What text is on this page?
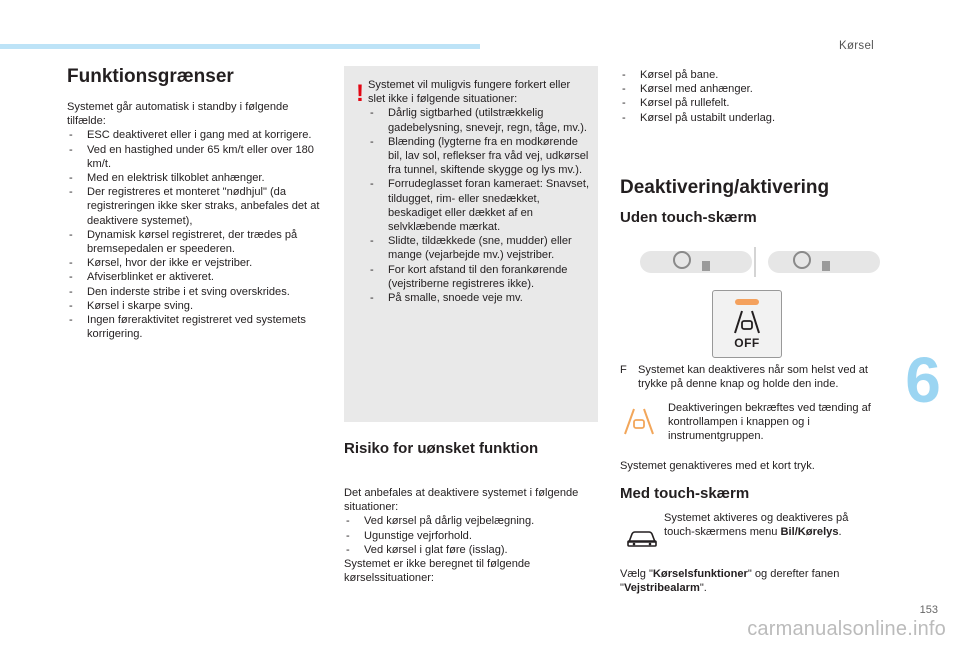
Kørsel
6
153
carmanualsonline.info
Funktionsgrænser
Systemet går automatisk i standby i følgende tilfælde:
- ESC deaktiveret eller i gang med at korrigere.
- Ved en hastighed under 65 km/t eller over 180 km/t.
- Med en elektrisk tilkoblet anhænger.
- Der registreres et monteret "nødhjul" (da registreringen ikke sker straks, anbefales det at deaktivere systemet),
- Dynamisk kørsel registreret, der trædes på bremsepedalen er speederen.
- Kørsel, hvor der ikke er vejstriber.
- Afviserblinket er aktiveret.
- Den inderste stribe i et sving overskrides.
- Kørsel i skarpe sving.
- Ingen føreraktivitet registreret ved systemets korrigering.
! Systemet vil muligvis fungere forkert eller slet ikke i følgende situationer:
- Dårlig sigtbarhed (utilstrækkelig gadebelysning, snevejr, regn, tåge, mv.).
- Blænding (lygterne fra en modkørende bil, lav sol, reflekser fra våd vej, udkørsel fra tunnel, skiftende skygge og lys mv.).
- Forrudeglasset foran kameraet: Snavset, tildugget, rim- eller snedækket, beskadiget eller dækket af en selvklæbende mærkat.
- Slidte, tildækkede (sne, mudder) eller mange (vejarbejde mv.) vejstriber.
- For kort afstand til den forankørende (vejstriberne registreres ikke).
- På smalle, snoede veje mv.
Risiko for uønsket funktion
Det anbefales at deaktivere systemet i følgende situationer:
- Ved kørsel på dårlig vejbelægning.
- Ugunstige vejrforhold.
- Ved kørsel i glat føre (isslag).
Systemet er ikke beregnet til følgende kørselssituationer:
- Kørsel på bane.
- Kørsel med anhænger.
- Kørsel på rullefelt.
- Kørsel på ustabilt underlag.
Deaktivering/aktivering
Uden touch-skærm
OFF
F	Systemet kan deaktiveres når som helst ved at trykke på denne knap og holde den inde.
Deaktiveringen bekræftes ved tænding af kontrollampen i knappen og i instrumentgruppen.
Systemet genaktiveres med et kort tryk.
Med touch-skærm
Systemet aktiveres og deaktiveres på touch-skærmens menu Bil/Kørelys.
Vælg "Kørselsfunktioner" og derefter fanen "Vejstribealarm".
